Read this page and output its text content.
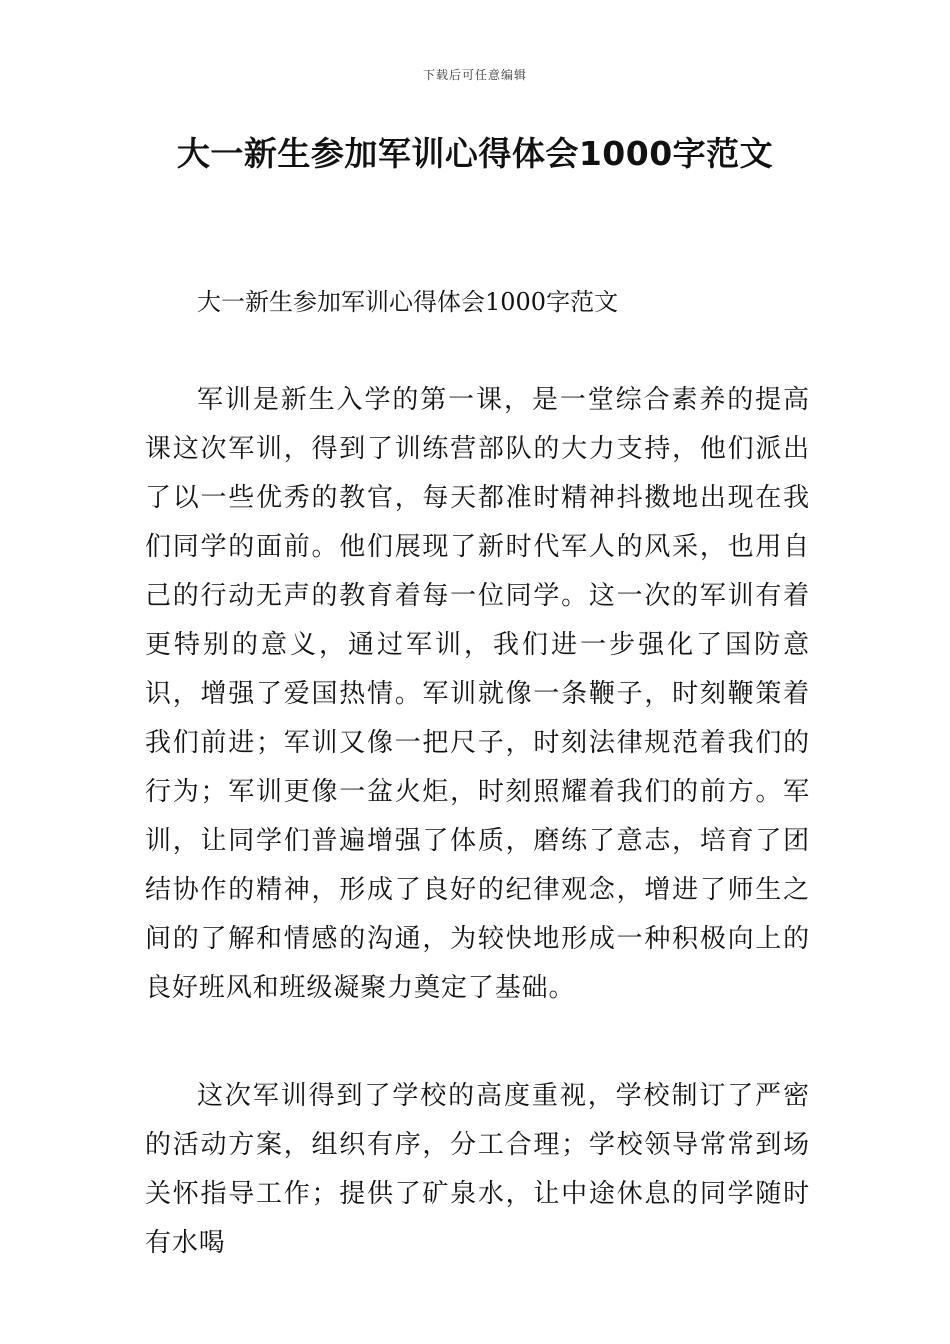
下载后可任意编辑
大一新生参加军训心得体会1000字范文

大一新生参加军训心得体会1000字范文

军训是新生入学的第一课，是一堂综合素养的提高课这次军训，得到了训练营部队的大力支持，他们派出了以一些优秀的教官，每天都准时精神抖擞地出现在我们同学的面前。他们展现了新时代军人的风采，也用自己的行动无声的教育着每一位同学。这一次的军训有着更特别的意义，通过军训，我们进一步强化了国防意识，增强了爱国热情。军训就像一条鞭子，时刻鞭策着我们前进；军训又像一把尺子，时刻法律规范着我们的行为；军训更像一盆火炬，时刻照耀着我们的前方。军训，让同学们普遍增强了体质，磨练了意志，培育了团结协作的精神，形成了良好的纪律观念，增进了师生之间的了解和情感的沟通，为较快地形成一种积极向上的良好班风和班级凝聚力奠定了基础。

这次军训得到了学校的高度重视，学校制订了严密的活动方案，组织有序，分工合理；学校领导常常到场关怀指导工作；提供了矿泉水，让中途休息的同学随时有水喝
